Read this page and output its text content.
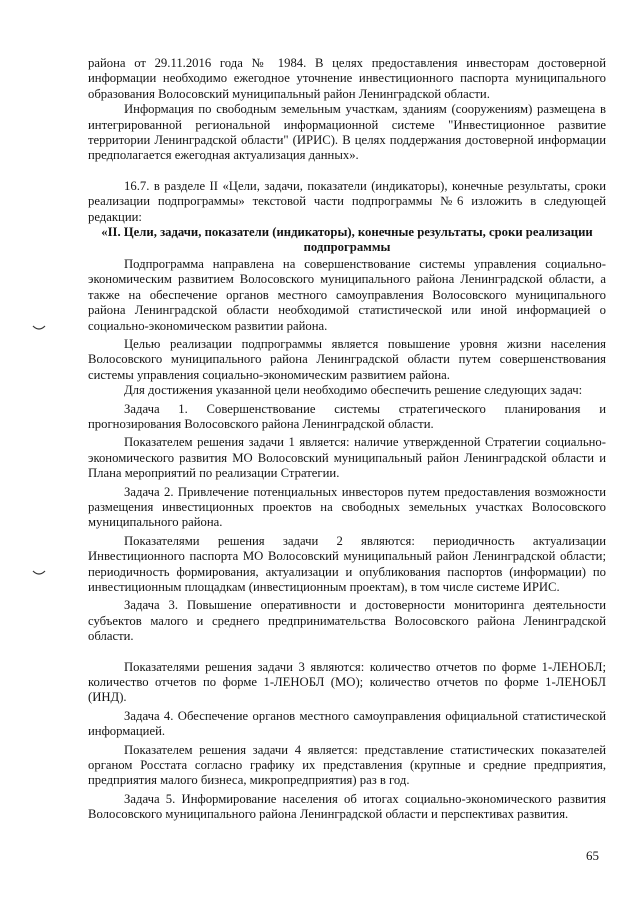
района от 29.11.2016 года № 1984. В целях предоставления инвесторам достоверной информации необходимо ежегодное уточнение инвестиционного паспорта муниципального образования Волосовский муниципальный район Ленинградской области.

Информация по свободным земельным участкам, зданиям (сооружениям) размещена в интегрированной региональной информационной системе "Инвестиционное развитие территории Ленинградской области" (ИРИС). В целях поддержания достоверной информации предполагается ежегодная актуализация данных».

16.7. в разделе II «Цели, задачи, показатели (индикаторы), конечные результаты, сроки реализации подпрограммы» текстовой части подпрограммы №6 изложить в следующей редакции:

«II. Цели, задачи, показатели (индикаторы), конечные результаты, сроки реализации подпрограммы

Подпрограмма направлена на совершенствование системы управления социально-экономическим развитием Волосовского муниципального района Ленинградской области, а также на обеспечение органов местного самоуправления Волосовского муниципального района Ленинградской области необходимой статистической или иной информацией о социально-экономическом развитии района.

Целью реализации подпрограммы является повышение уровня жизни населения Волосовского муниципального района Ленинградской области путем совершенствования системы управления социально-экономическим развитием района.

Для достижения указанной цели необходимо обеспечить решение следующих задач:

Задача 1. Совершенствование системы стратегического планирования и прогнозирования Волосовского района Ленинградской области.

Показателем решения задачи 1 является: наличие утвержденной Стратегии социально-экономического развития МО Волосовский муниципальный район Ленинградской области и Плана мероприятий по реализации Стратегии.

Задача 2. Привлечение потенциальных инвесторов путем предоставления возможности размещения инвестиционных проектов на свободных земельных участках Волосовского муниципального района.

Показателями решения задачи 2 являются: периодичность актуализации Инвестиционного паспорта МО Волосовский муниципальный район Ленинградской области; периодичность формирования, актуализации и опубликования паспортов (информации) по инвестиционным площадкам (инвестиционным проектам), в том числе системе ИРИС.

Задача 3. Повышение оперативности и достоверности мониторинга деятельности субъектов малого и среднего предпринимательства Волосовского района Ленинградской области.

Показателями решения задачи 3 являются: количество отчетов по форме 1-ЛЕНОБЛ; количество отчетов по форме 1-ЛЕНОБЛ (МО); количество отчетов по форме 1-ЛЕНОБЛ (ИНД).

Задача 4. Обеспечение органов местного самоуправления официальной статистической информацией.

Показателем решения задачи 4 является: представление статистических показателей органом Росстата согласно графику их представления (крупные и средние предприятия, предприятия малого бизнеса, микропредприятия) раз в год.

Задача 5. Информирование населения об итогах социально-экономического развития Волосовского муниципального района Ленинградской области и перспективах развития.

65
